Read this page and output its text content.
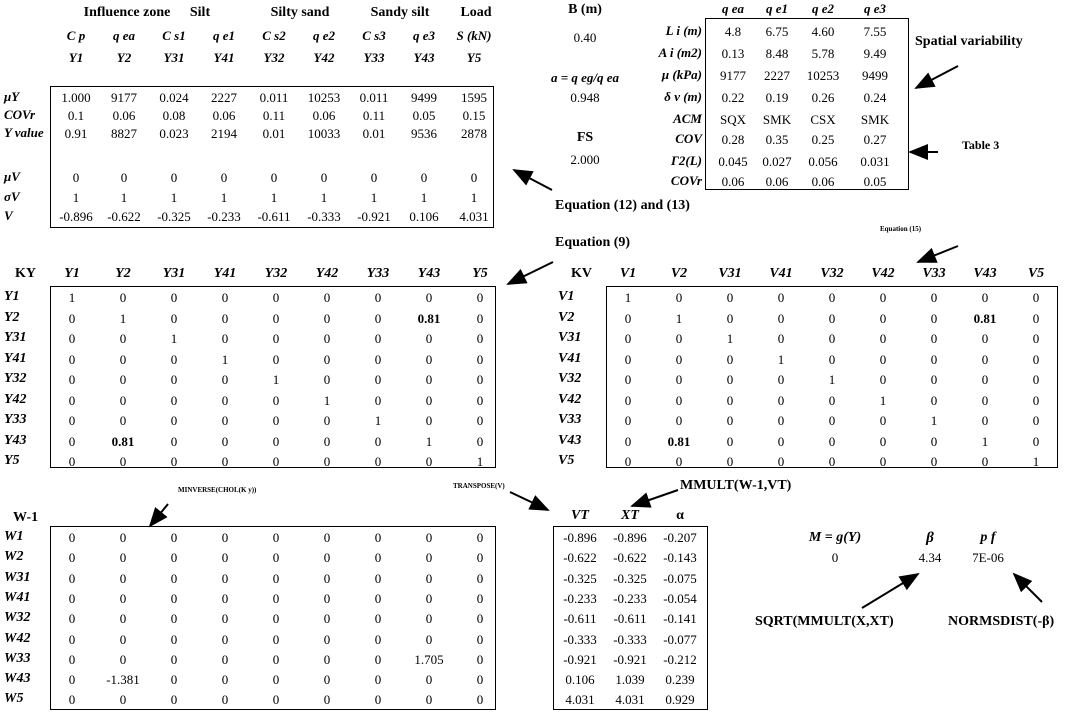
B (m)
0.40
a = q eg/q ea
0.948
FS
2.000
Spatial variability
Table 3
Equation (12) and (13)
Equation (9)
Equation (15)
MINVERSE(CHOL(K y))	TRANSPOSE(V)	MMULT(W-1,VT)
SQRT(MMULT(X,XT)	NORMSDIST(-β)
M = g(Y)
0
β
4.34
p f
7E-06
Influence zone	Silt	Silty sand	Sandy silt	Load
C p	q ea	C s1	q e1	C s2	q e2	C s3	q e3	S (kN)
Y1	Y2	Y31	Y41	Y32	Y42	Y33	Y43	Y5
μY	1.000	9177	0.024	2227	0.011	10253	0.011	9499	1595
COVr	0.1	0.06	0.08	0.06	0.11	0.06	0.11	0.05	0.15
Y value	0.91	8827	0.023	2194	0.01	10033	0.01	9536	2878
μV	0	0	0	0	0	0	0	0	0
σV	1	1	1	1	1	1	1	1	1
V	-0.896	-0.622	-0.325	-0.233	-0.611	-0.333	-0.921	0.106	4.031
q ea	q e1	q e2	q e3
L i (m)	4.8	6.75	4.60	7.55
A i (m2)	0.13	8.48	5.78	9.49
μ (kPa)	9177	2227	10253	9499
δ v (m)	0.22	0.19	0.26	0.24
ACM	SQX	SMK	CSX	SMK
COV	0.28	0.35	0.25	0.27
Γ2(L)	0.045	0.027	0.056	0.031
COVr	0.06	0.06	0.06	0.05
KY	Y1	Y2	Y31	Y41	Y32	Y42	Y33	Y43	Y5
Y1	1	0	0	0	0	0	0	0	0
Y2	0	1	0	0	0	0	0	0.81	0
Y31	0	0	1	0	0	0	0	0	0
Y41	0	0	0	1	0	0	0	0	0
Y32	0	0	0	0	1	0	0	0	0
Y42	0	0	0	0	0	1	0	0	0
Y33	0	0	0	0	0	0	1	0	0
Y43	0	0.81	0	0	0	0	0	1	0
Y5	0	0	0	0	0	0	0	0	1
KV	V1	V2	V31	V41	V32	V42	V33	V43	V5
V1	1	0	0	0	0	0	0	0	0
V2	0	1	0	0	0	0	0	0.81	0
V31	0	0	1	0	0	0	0	0	0
V41	0	0	0	1	0	0	0	0	0
V32	0	0	0	0	1	0	0	0	0
V42	0	0	0	0	0	1	0	0	0
V33	0	0	0	0	0	0	1	0	0
V43	0	0.81	0	0	0	0	0	1	0
V5	0	0	0	0	0	0	0	0	1
W-1
W1	0	0	0	0	0	0	0	0	0
W2	0	0	0	0	0	0	0	0	0
W31	0	0	0	0	0	0	0	0	0
W41	0	0	0	0	0	0	0	0	0
W32	0	0	0	0	0	0	0	0	0
W42	0	0	0	0	0	0	0	0	0
W33	0	0	0	0	0	0	0	1.705	0
W43	0	-1.381	0	0	0	0	0	0	0
W5	0	0	0	0	0	0	0	0	0
VT	XT	α
-0.896	-0.896	-0.207
-0.622	-0.622	-0.143
-0.325	-0.325	-0.075
-0.233	-0.233	-0.054
-0.611	-0.611	-0.141
-0.333	-0.333	-0.077
-0.921	-0.921	-0.212
0.106	1.039	0.239
4.031	4.031	0.929
